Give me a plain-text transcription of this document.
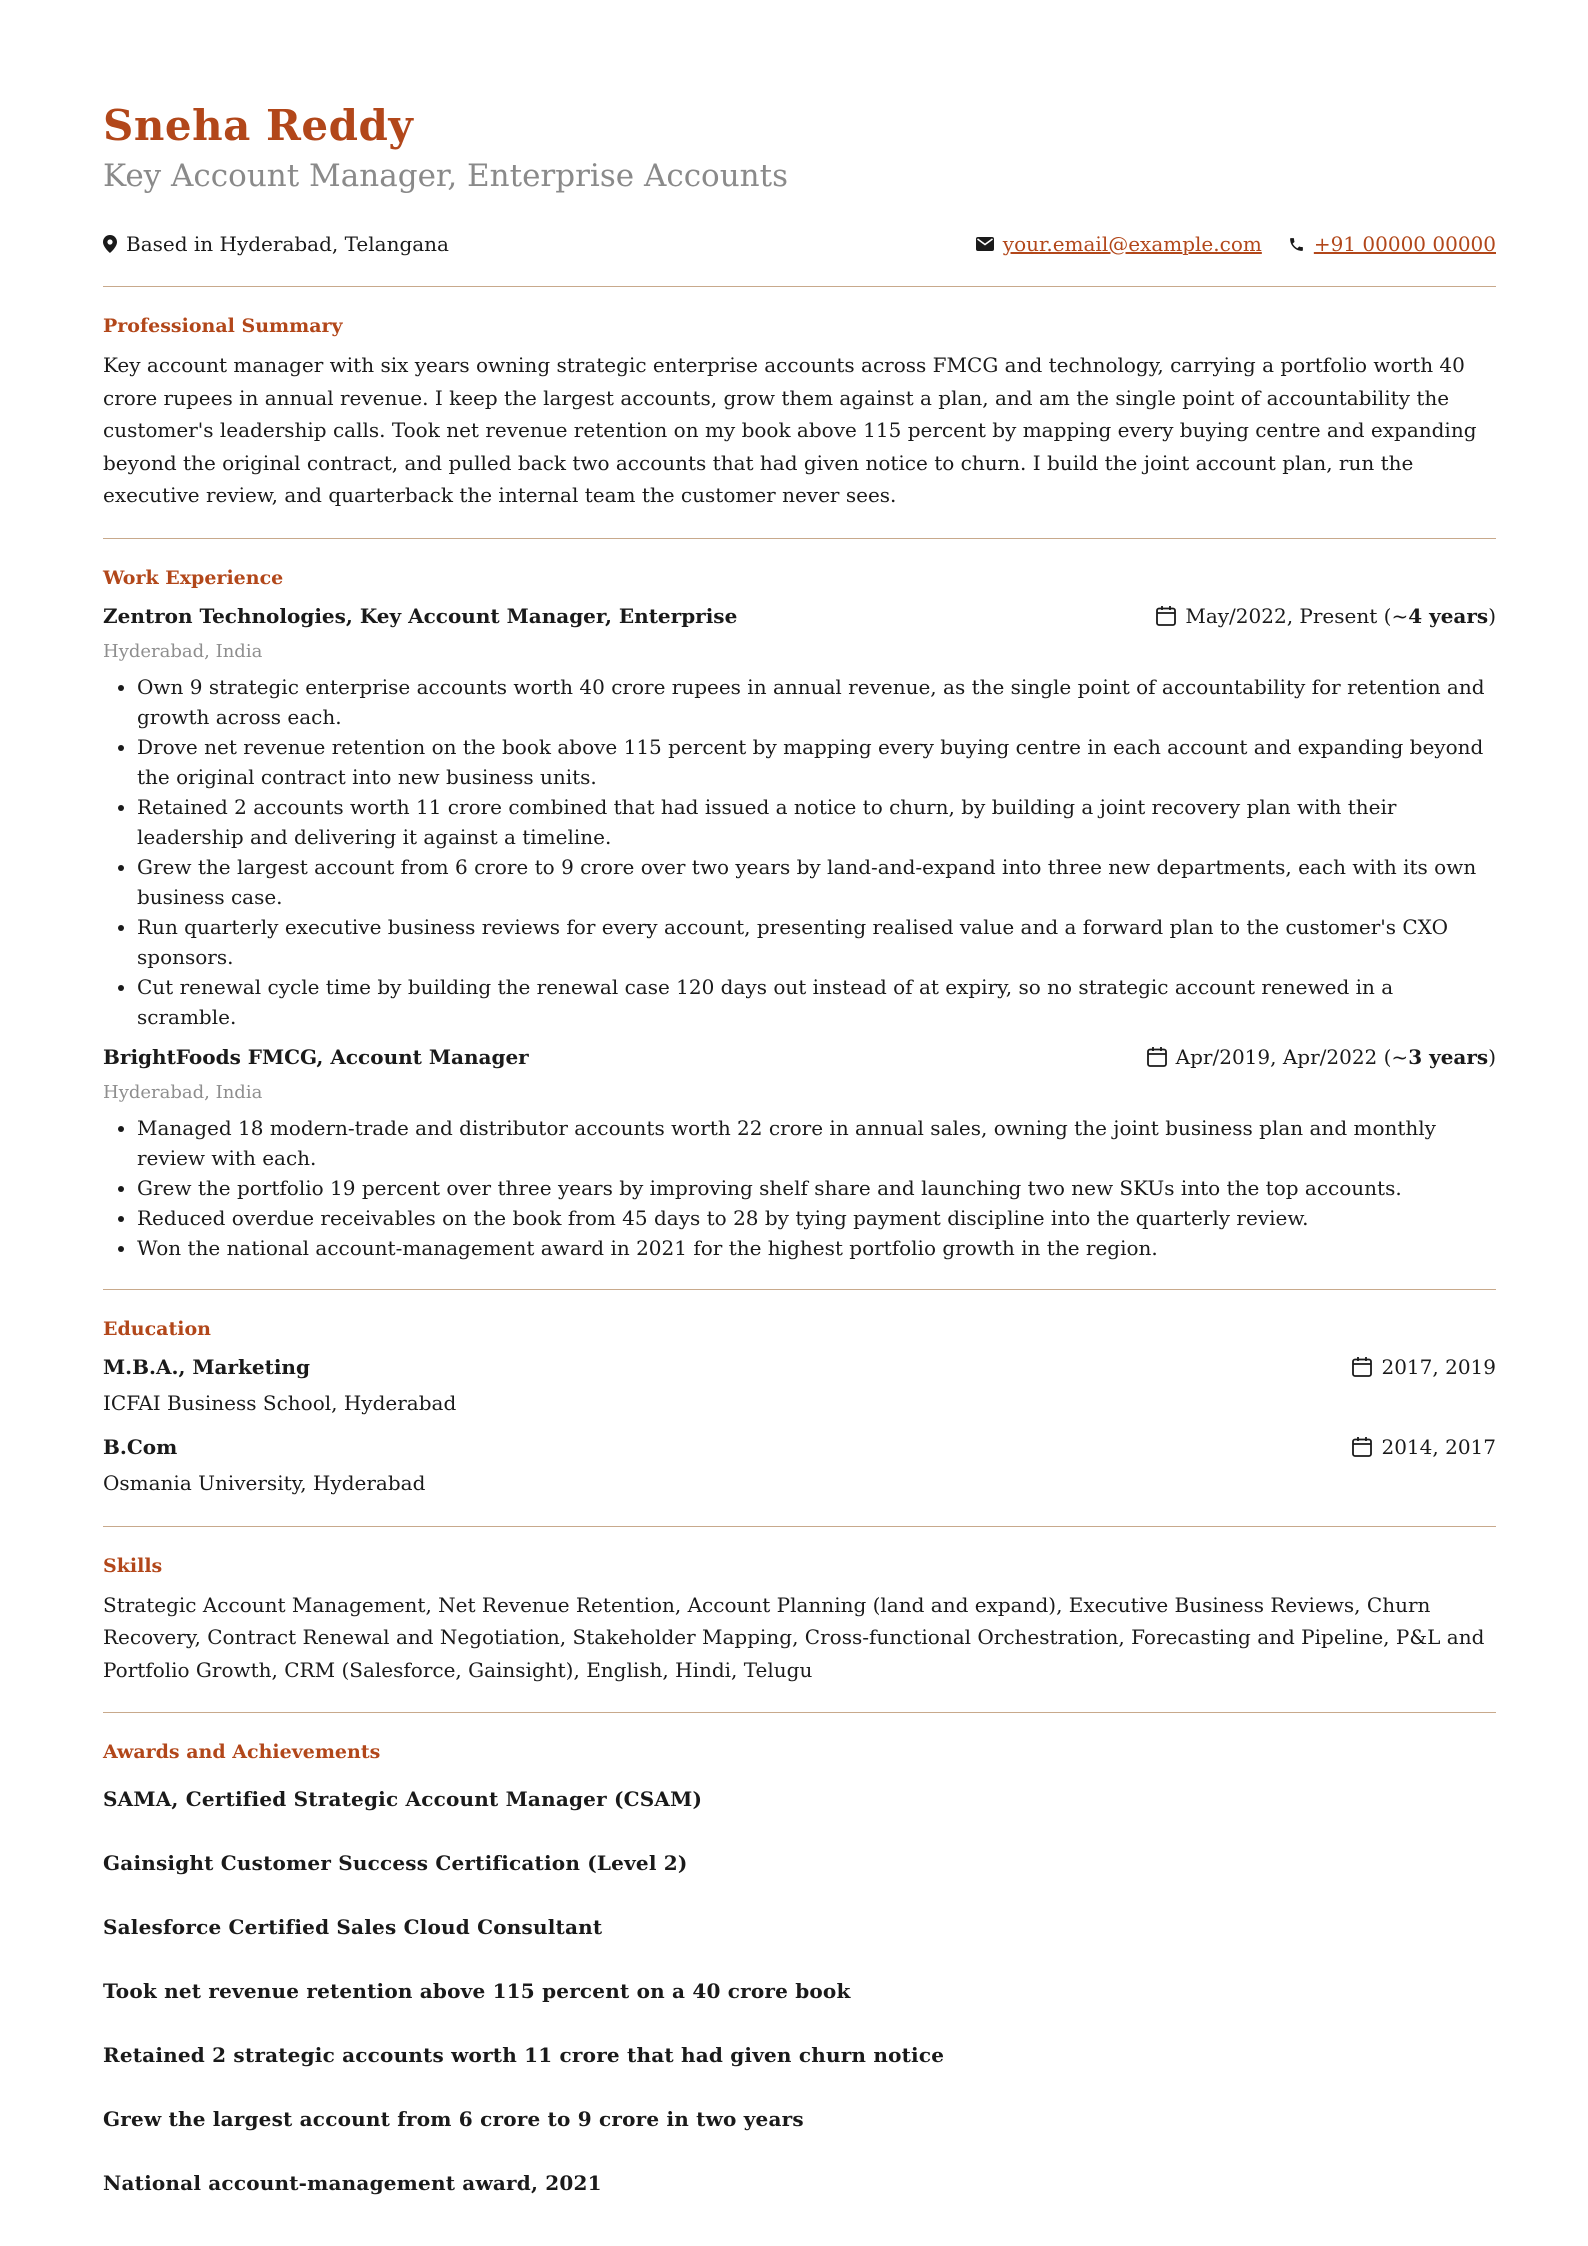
Sneha Reddy
Key Account Manager, Enterprise Accounts
Based in Hyderabad, Telangana	your.email@example.com	+91 00000 00000
Professional Summary

Key account manager with six years owning strategic enterprise accounts across FMCG and technology, carrying a portfolio worth 40 crore rupees in annual revenue. I keep the largest accounts, grow them against a plan, and am the single point of accountability the customer's leadership calls. Took net revenue retention on my book above 115 percent by mapping every buying centre and expanding beyond the original contract, and pulled back two accounts that had given notice to churn. I build the joint account plan, run the executive review, and quarterback the internal team the customer never sees.

Work Experience
Zentron Technologies, Key Account Manager, Enterprise	May/2022, Present (~ 4 years )
Hyderabad, India
• Own 9 strategic enterprise accounts worth 40 crore rupees in annual revenue, as the single point of accountability for retention and growth across each.
• Drove net revenue retention on the book above 115 percent by mapping every buying centre in each account and expanding beyond the original contract into new business units.
• Retained 2 accounts worth 11 crore combined that had issued a notice to churn, by building a joint recovery plan with their leadership and delivering it against a timeline.
• Grew the largest account from 6 crore to 9 crore over two years by land-and-expand into three new departments, each with its own business case.
• Run quarterly executive business reviews for every account, presenting realised value and a forward plan to the customer's CXO sponsors.
• Cut renewal cycle time by building the renewal case 120 days out instead of at expiry, so no strategic account renewed in a scramble.
BrightFoods FMCG, Account Manager	Apr/2019, Apr/2022 (~ 3 years )
Hyderabad, India
• Managed 18 modern-trade and distributor accounts worth 22 crore in annual sales, owning the joint business plan and monthly review with each.
• Grew the portfolio 19 percent over three years by improving shelf share and launching two new SKUs into the top accounts.
• Reduced overdue receivables on the book from 45 days to 28 by tying payment discipline into the quarterly review.
• Won the national account-management award in 2021 for the highest portfolio growth in the region.
Education
M.B.A., Marketing	2017, 2019
ICFAI Business School, Hyderabad
B.Com	2014, 2017
Osmania University, Hyderabad
Skills

Strategic Account Management, Net Revenue Retention, Account Planning (land and expand), Executive Business Reviews, Churn Recovery, Contract Renewal and Negotiation, Stakeholder Mapping, Cross-functional Orchestration, Forecasting and Pipeline, P&L and Portfolio Growth, CRM (Salesforce, Gainsight), English, Hindi, Telugu

Awards and Achievements

SAMA, Certified Strategic Account Manager (CSAM)

Gainsight Customer Success Certification (Level 2)

Salesforce Certified Sales Cloud Consultant

Took net revenue retention above 115 percent on a 40 crore book

Retained 2 strategic accounts worth 11 crore that had given churn notice

Grew the largest account from 6 crore to 9 crore in two years

National account-management award, 2021
